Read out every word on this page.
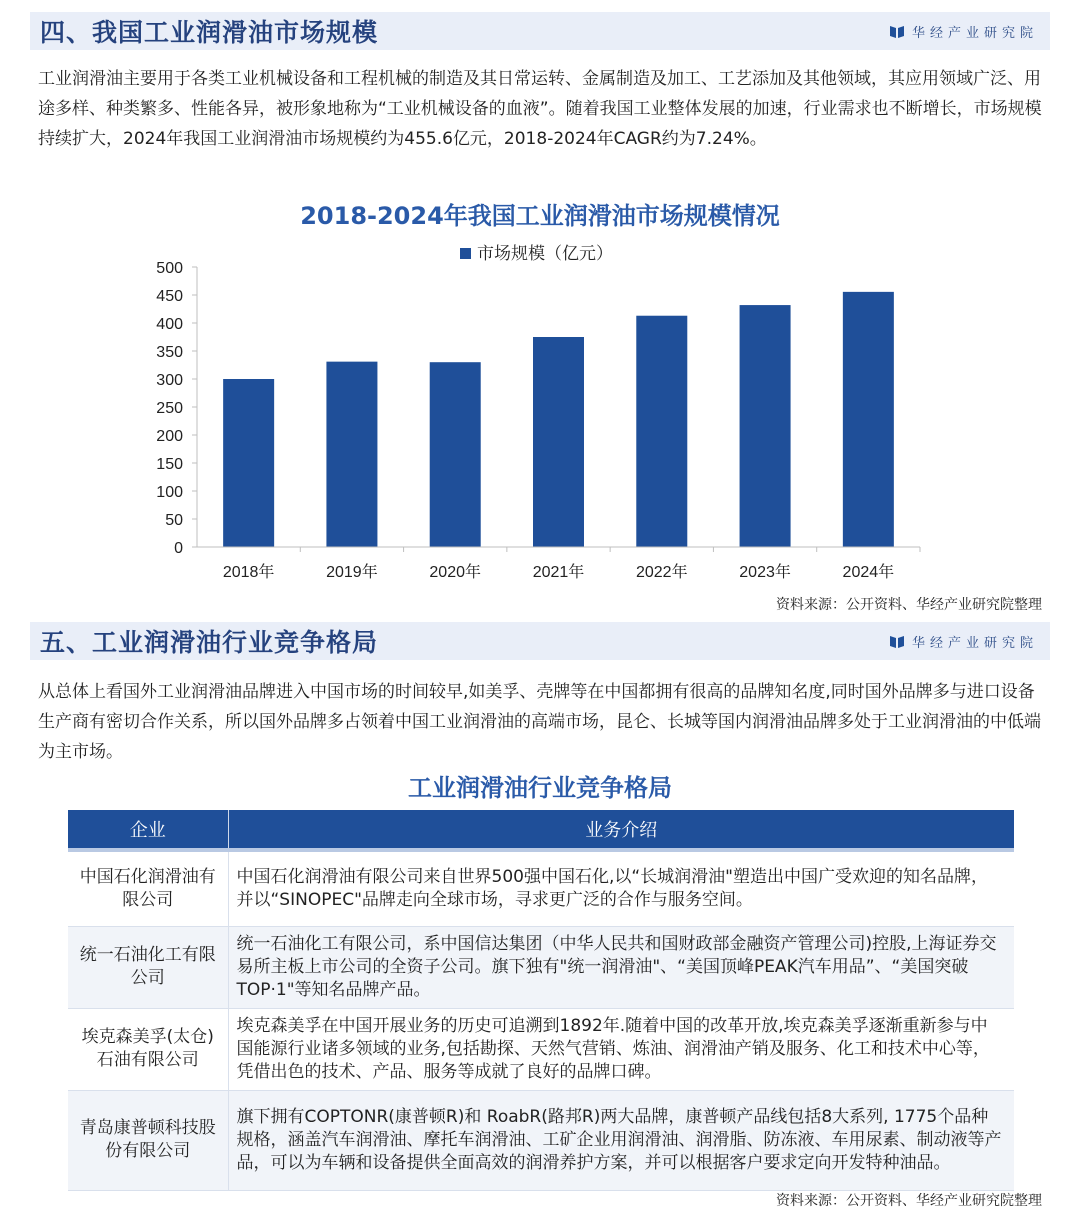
四、我国工业润滑油市场规模	华经产业研究院
工业润滑油主要用于各类工业机械设备和工程机械的制造及其日常运转、金属制造及加工、工艺添加及其他领域，其应用领域广泛、用途多样、种类繁多、性能各异，被形象地称为“工业机械设备的血液”。随着我国工业整体发展的加速，行业需求也不断增长，市场规模持续扩大，2024年我国工业润滑油市场规模约为455.6亿元，2018-2024年CAGR约为7.24%。
2018-2024年我国工业润滑油市场规模情况
市场规模（亿元）
0
50
100
150
200
250
300
350
400
450
500
2018年	2019年	2020年	2021年	2022年	2023年	2024年
资料来源：公开资料、华经产业研究院整理
五、工业润滑油行业竞争格局	华经产业研究院
从总体上看国外工业润滑油品牌进入中国市场的时间较早,如美孚、壳牌等在中国都拥有很高的品牌知名度,同时国外品牌多与进口设备生产商有密切合作关系，所以国外品牌多占领着中国工业润滑油的高端市场，昆仑、长城等国内润滑油品牌多处于工业润滑油的中低端为主市场。
工业润滑油行业竞争格局
企业	业务介绍

中国石化润滑油有限公司	中国石化润滑油有限公司来自世界500强中国石化,以“长城润滑油"塑造出中国广受欢迎的知名品牌，并以“SINOPEC"品牌走向全球市场，寻求更广泛的合作与服务空间。
统一石油化工有限公司	统一石油化工有限公司，系中国信达集团（中华人民共和国财政部金融资产管理公司)控股,上海证券交易所主板上市公司的全资子公司。旗下独有"统一润滑油"、“美国顶峰PEAK汽车用品”、“美国突破TOP·1"等知名品牌产品。
埃克森美孚(太仓)石油有限公司	埃克森美孚在中国开展业务的历史可追溯到1892年.随着中国的改革开放,埃克森美孚逐渐重新参与中国能源行业诸多领域的业务,包括勘探、天然气营销、炼油、润滑油产销及服务、化工和技术中心等，凭借出色的技术、产品、服务等成就了良好的品牌口碑。
青岛康普顿科技股份有限公司	旗下拥有COPTONR(康普顿R)和 RoabR(路邦R)两大品牌，康普顿产品线包括8大系列, 1775个品种规格，涵盖汽车润滑油、摩托车润滑油、工矿企业用润滑油、润滑脂、防冻液、车用尿素、制动液等产品，可以为车辆和设备提供全面高效的润滑养护方案，并可以根据客户要求定向开发特种油品。
资料来源：公开资料、华经产业研究院整理
